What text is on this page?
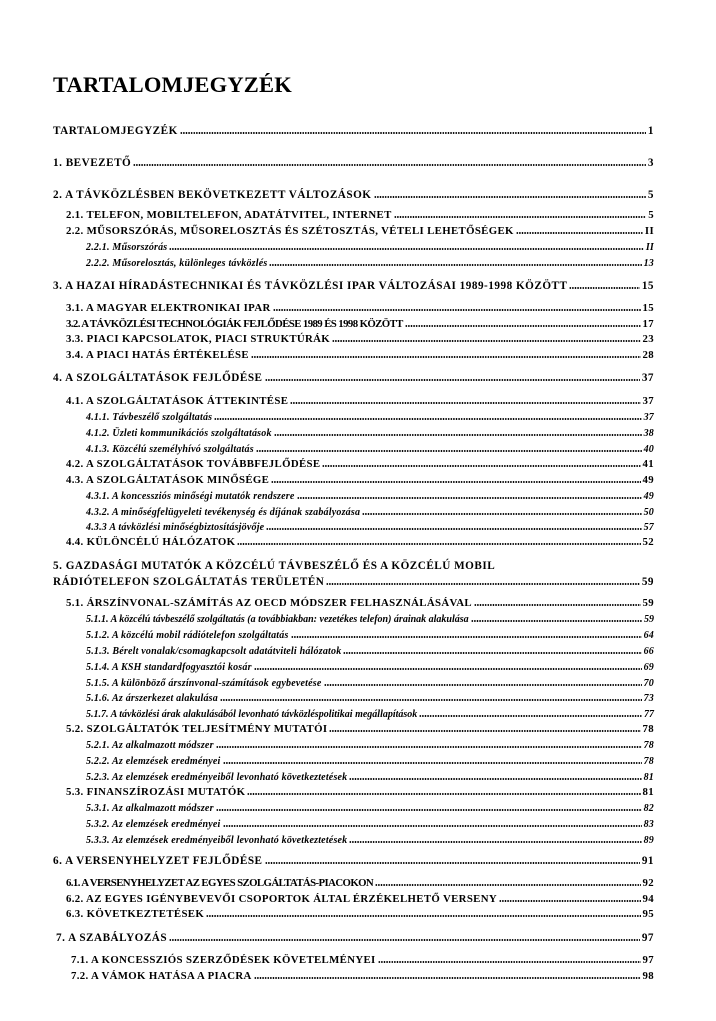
TARTALOMJEGYZÉK
TARTALOMJEGYZÉK	1
1. BEVEZETŐ	3
2. A TÁVKÖZLÉSBEN BEKÖVETKEZETT VÁLTOZÁSOK	5
2.1. TELEFON, MOBILTELEFON, ADATÁTVITEL, INTERNET	5
2.2. MŰSORSZÓRÁS, MŰSORELOSZTÁS ÉS SZÉTOSZTÁS, VÉTELI LEHETŐSÉGEK	II
2.2.1. Műsorszórás	II
2.2.2. Műsorelosztás, különleges távközlés	13
3. A HAZAI HÍRADÁSTECHNIKAI ÉS TÁVKÖZLÉSI IPAR VÁLTOZÁSAI 1989-1998 KÖZÖTT	15
3.1. A MAGYAR ELEKTRONIKAI IPAR	15
3.2. A TÁVKÖZLÉSI TECHNOLÓGIÁK FEJLŐDÉSE 1989 ÉS 1998 KÖZÖTT	17
3.3. PIACI KAPCSOLATOK, PIACI STRUKTÚRÁK	23
3.4. A PIACI HATÁS ÉRTÉKELÉSE	28
4. A SZOLGÁLTATÁSOK FEJLŐDÉSE	37
4.1. A SZOLGÁLTATÁSOK ÁTTEKINTÉSE	37
4.1.1. Távbeszélő szolgáltatás	37
4.1.2. Üzleti kommunikációs szolgáltatások	38
4.1.3. Közcélú személyhívó szolgáltatás	40
4.2. A SZOLGÁLTATÁSOK TOVÁBBFEJLŐDÉSE	41
4.3. A SZOLGÁLTATÁSOK MINŐSÉGE	49
4.3.1. A koncessziós minőségi mutatók rendszere	49
4.3.2. A minőségfelügyeleti tevékenység és díjának szabályozása	50
4.3.3 A távközlési minőségbiztosításjövője	57
4.4. KÜLÖNCÉLÚ HÁLÓZATOK	52
5. GAZDASÁGI MUTATÓK A KÖZCÉLÚ TÁVBESZÉLŐ ÉS A KÖZCÉLÚ MOBIL
RÁDIÓTELEFON SZOLGÁLTATÁS TERÜLETÉN	59
5.1. ÁRSZÍNVONAL-SZÁMÍTÁS AZ OECD MÓDSZER FELHASZNÁLÁSÁVAL	59
5.1.1. A közcélú távbeszélő szolgáltatás (a továbbiakban: vezetékes telefon) árainak alakulása	59
5.1.2. A közcélú mobil rádiótelefon szolgáltatás	64
5.1.3. Bérelt vonalak/csomagkapcsolt adatátviteli hálózatok	66
5.1.4. A KSH standardfogyasztói kosár	69
5.1.5. A különböző árszínvonal-számítások egybevetése	70
5.1.6. Az árszerkezet alakulása	73
5.1.7. A távközlési árak alakulásából levonható távközléspolitikai megállapítások	77
5.2. SZOLGÁLTATÓK TELJESÍTMÉNY MUTATÓI	78
5.2.1. Az alkalmazott módszer	78
5.2.2. Az elemzések eredményei	78
5.2.3. Az elemzések eredményeiből levonható következtetések	81
5.3. FINANSZÍROZÁSI MUTATÓK	81
5.3.1. Az alkalmazott módszer	82
5.3.2. Az elemzések eredményei	83
5.3.3. Az elemzések eredményeiből levonható következtetések	89
6. A VERSENYHELYZET FEJLŐDÉSE	91
6.1. A VERSENYHELYZET AZ EGYES SZOLGÁLTATÁS-PIACOKON	92
6.2. AZ EGYES IGÉNYBEVEVŐI CSOPORTOK ÁLTAL ÉRZÉKELHETŐ VERSENY	94
6.3. KÖVETKEZTETÉSEK	95
7. A SZABÁLYOZÁS	97
7.1. A KONCESSZIÓS SZERZŐDÉSEK KÖVETELMÉNYEI	97
7.2. A VÁMOK HATÁSA A PIACRA	98
